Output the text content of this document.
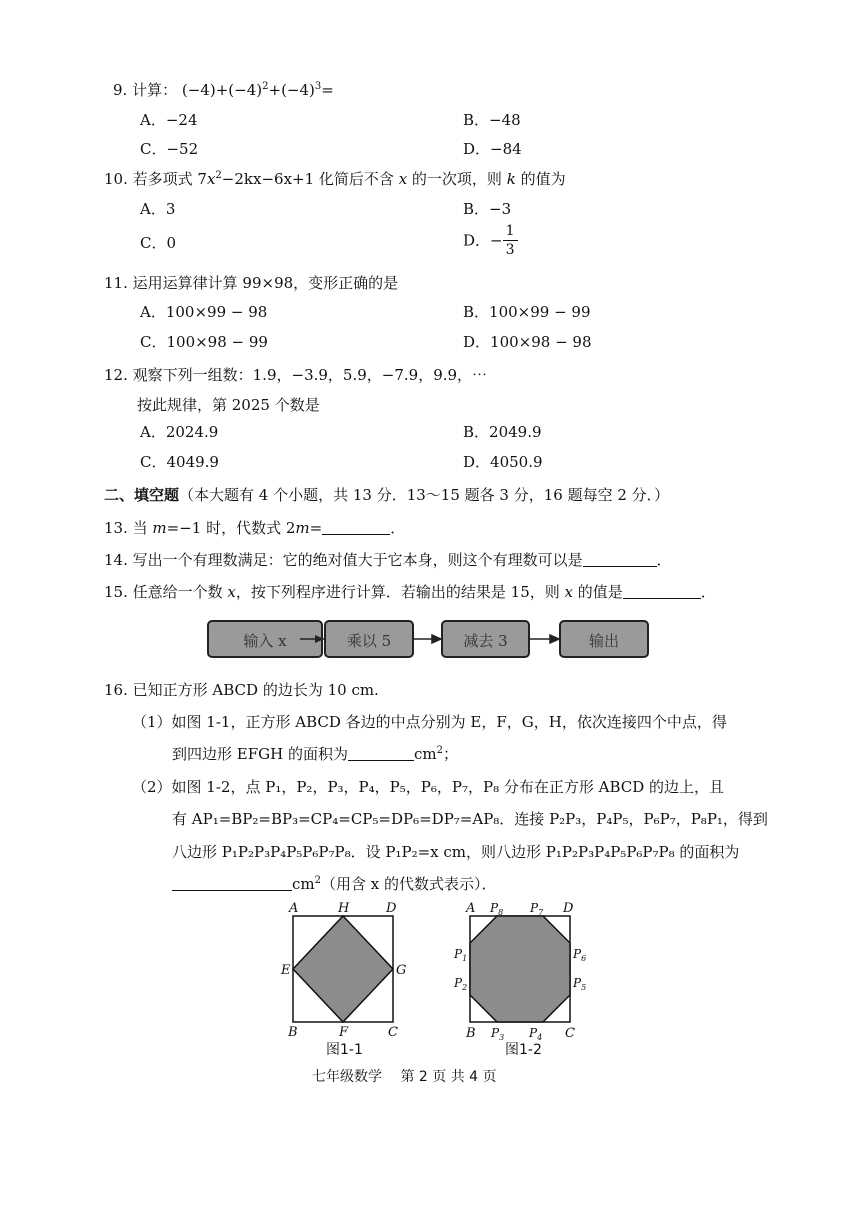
9. 计算： $(-4)+(-4)^2+(-4)^3=$
A．−24	B．−48
C．−52	D．−84
10. 若多项式 $7x^2-2kx-6x+1$ 化简后不含 x 的一次项，则 k 的值为
A．3	B．−3
C．0	D．− $\frac{1}{3}$
11. 运用运算律计算 99×98，变形正确的是
A．100×99 − 98	B．100×99 − 99
C．100×98 − 99	D．100×98 − 98
12. 观察下列一组数：1.9，−3.9，5.9，−7.9，9.9，⋯
按此规律，第 2025 个数是
A．2024.9	B．2049.9
C．4049.9	D．4050.9
二、填空题（本大题有 4 个小题，共 13 分．13～15 题各 3 分，16 题每空 2 分．）
13. 当 m=−1 时，代数式 2m=	．
14. 写出一个有理数满足：它的绝对值大于它本身，则这个有理数可以是	．
15. 任意给一个数 x，按下列程序进行计算．若输出的结果是 15，则 x 的值是	．
输入 x	乘以 5	减去 3	输出
16. 已知正方形 ABCD 的边长为 10 cm.
（1）如图 1-1，正方形 ABCD 各边的中点分别为 E，F，G，H，依次连接四个中点，得
到四边形 EFGH 的面积为	$cm^2$；
（2）如图 1-2，点 P₁，P₂，P₃，P₄，P₅，P₆，P₇，P₈ 分布在正方形 ABCD 的边上，且
有 AP₁=BP₂=BP₃=CP₄=CP₅=DP₆=DP₇=AP₈．连接 P₂P₃，P₄P₅，P₆P₇，P₈P₁，得到
八边形 P₁P₂P₃P₄P₅P₆P₇P₈．设 P₁P₂=x cm，则八边形 P₁P₂P₃P₄P₅P₆P₇P₈ 的面积为
$cm^2$（用含 x 的代数式表示）．
A	H	D
E	G
B	F	C
图1-1
A	D
B	C
$P_8$ $P_7$
$P_1$	$P_6$
$P_2$	$P_5$
$P_3$ $P_4$
图1-2
七年级数学 第 2 页 共 4 页
